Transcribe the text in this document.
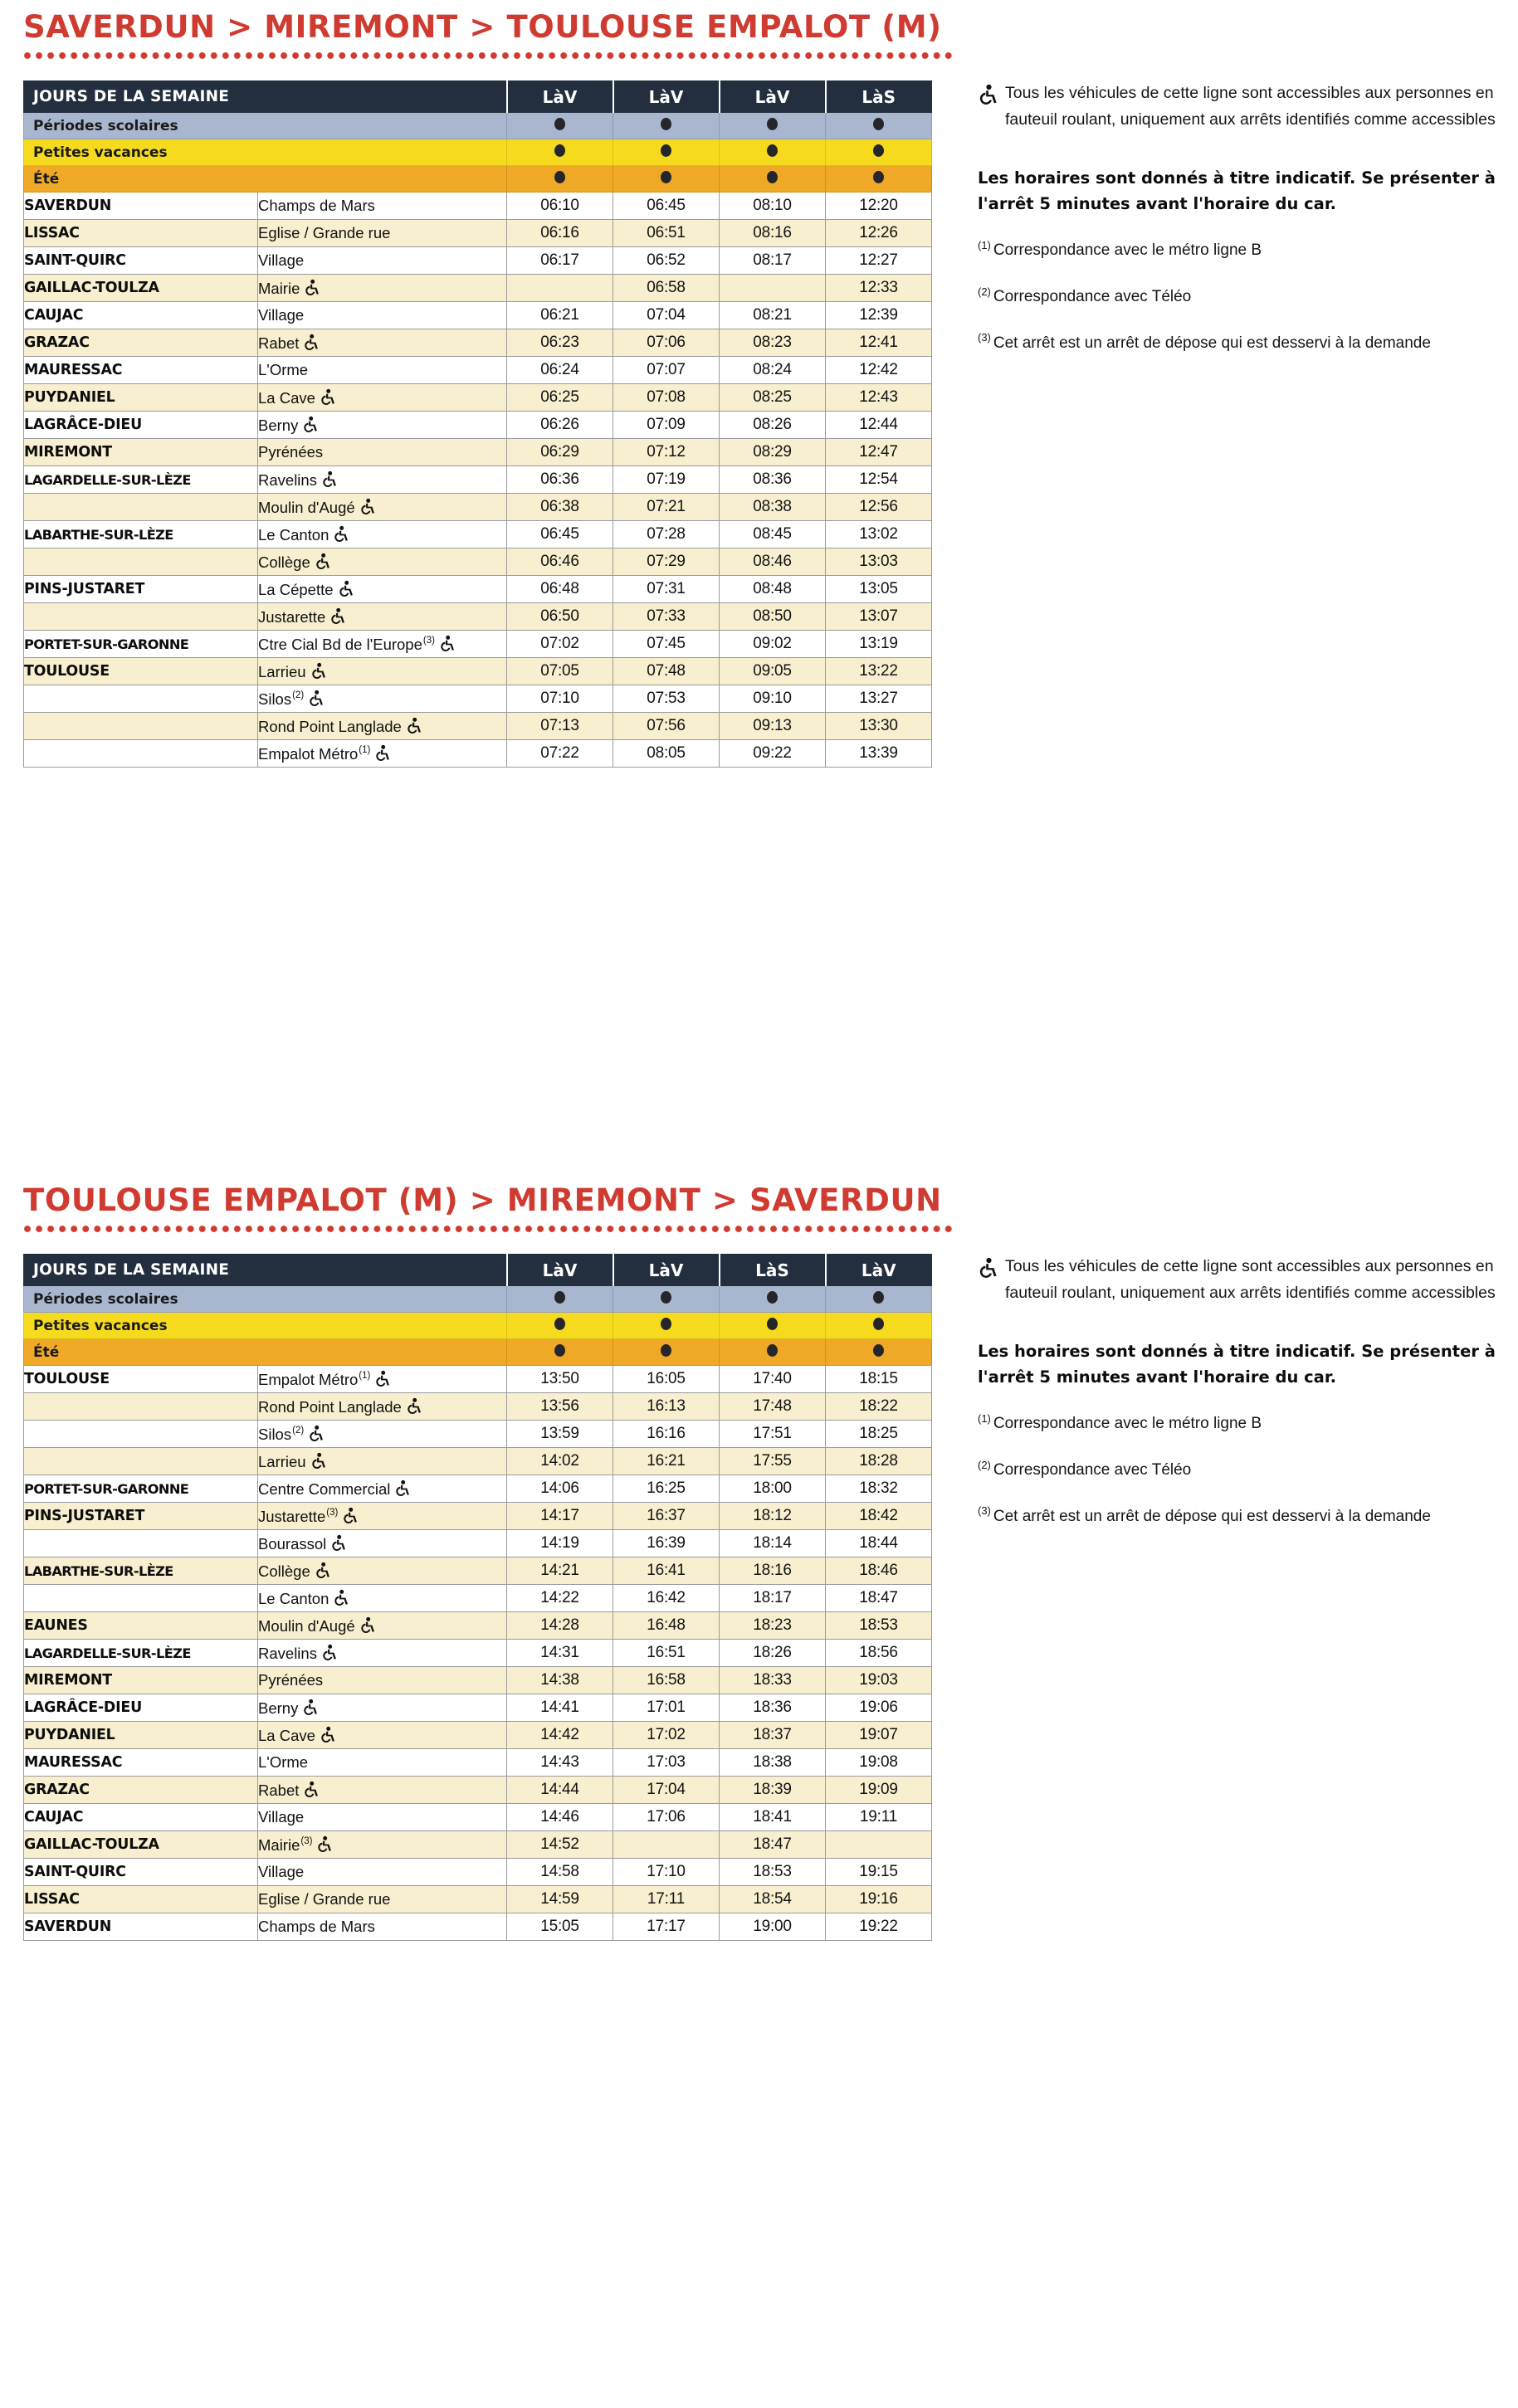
SAVERDUN > MIREMONT > TOULOUSE EMPALOT (M)
JOURS DE LA SEMAINE		LàV	LàV	LàV	LàS
Périodes scolaires					
Petites vacances					
Été					
SAVERDUN	Champs de Mars	06:10	06:45	08:10	12:20
LISSAC	Eglise / Grande rue	06:16	06:51	08:16	12:26
SAINT-QUIRC	Village	06:17	06:52	08:17	12:27
GAILLAC-TOULZA	Mairie		06:58		12:33
CAUJAC	Village	06:21	07:04	08:21	12:39
GRAZAC	Rabet	06:23	07:06	08:23	12:41
MAURESSAC	L'Orme	06:24	07:07	08:24	12:42
PUYDANIEL	La Cave	06:25	07:08	08:25	12:43
LAGRÂCE-DIEU	Berny	06:26	07:09	08:26	12:44
MIREMONT	Pyrénées	06:29	07:12	08:29	12:47
LAGARDELLE-SUR-LÈZE	Ravelins	06:36	07:19	08:36	12:54
	Moulin d'Augé	06:38	07:21	08:38	12:56
LABARTHE-SUR-LÈZE	Le Canton	06:45	07:28	08:45	13:02
	Collège	06:46	07:29	08:46	13:03
PINS-JUSTARET	La Cépette	06:48	07:31	08:48	13:05
	Justarette	06:50	07:33	08:50	13:07
PORTET-SUR-GARONNE	Ctre Cial Bd de l'Europe$^{(3)}$	07:02	07:45	09:02	13:19
TOULOUSE	Larrieu	07:05	07:48	09:05	13:22
	Silos$^{(2)}$	07:10	07:53	09:10	13:27
	Rond Point Langlade	07:13	07:56	09:13	13:30
	Empalot Métro$^{(1)}$	07:22	08:05	09:22	13:39
Tous les véhicules de cette ligne sont accessibles aux personnes en fauteuil roulant, uniquement aux arrêts identifiés comme accessibles
Les horaires sont donnés à titre indicatif. Se présenter à l'arrêt 5 minutes avant l'horaire du car.
$^{(1)}$ Correspondance avec le métro ligne B
$^{(2)}$ Correspondance avec Téléo
$^{(3)}$ Cet arrêt est un arrêt de dépose qui est desservi à la demande
TOULOUSE EMPALOT (M) > MIREMONT > SAVERDUN
JOURS DE LA SEMAINE		LàV	LàV	LàS	LàV
Périodes scolaires					
Petites vacances					
Été					
TOULOUSE	Empalot Métro$^{(1)}$	13:50	16:05	17:40	18:15
	Rond Point Langlade	13:56	16:13	17:48	18:22
	Silos$^{(2)}$	13:59	16:16	17:51	18:25
	Larrieu	14:02	16:21	17:55	18:28
PORTET-SUR-GARONNE	Centre Commercial	14:06	16:25	18:00	18:32
PINS-JUSTARET	Justarette$^{(3)}$	14:17	16:37	18:12	18:42
	Bourassol	14:19	16:39	18:14	18:44
LABARTHE-SUR-LÈZE	Collège	14:21	16:41	18:16	18:46
	Le Canton	14:22	16:42	18:17	18:47
EAUNES	Moulin d'Augé	14:28	16:48	18:23	18:53
LAGARDELLE-SUR-LÈZE	Ravelins	14:31	16:51	18:26	18:56
MIREMONT	Pyrénées	14:38	16:58	18:33	19:03
LAGRÂCE-DIEU	Berny	14:41	17:01	18:36	19:06
PUYDANIEL	La Cave	14:42	17:02	18:37	19:07
MAURESSAC	L'Orme	14:43	17:03	18:38	19:08
GRAZAC	Rabet	14:44	17:04	18:39	19:09
CAUJAC	Village	14:46	17:06	18:41	19:11
GAILLAC-TOULZA	Mairie$^{(3)}$	14:52		18:47	
SAINT-QUIRC	Village	14:58	17:10	18:53	19:15
LISSAC	Eglise / Grande rue	14:59	17:11	18:54	19:16
SAVERDUN	Champs de Mars	15:05	17:17	19:00	19:22
Tous les véhicules de cette ligne sont accessibles aux personnes en fauteuil roulant, uniquement aux arrêts identifiés comme accessibles
Les horaires sont donnés à titre indicatif. Se présenter à l'arrêt 5 minutes avant l'horaire du car.
$^{(1)}$ Correspondance avec le métro ligne B
$^{(2)}$ Correspondance avec Téléo
$^{(3)}$ Cet arrêt est un arrêt de dépose qui est desservi à la demande
